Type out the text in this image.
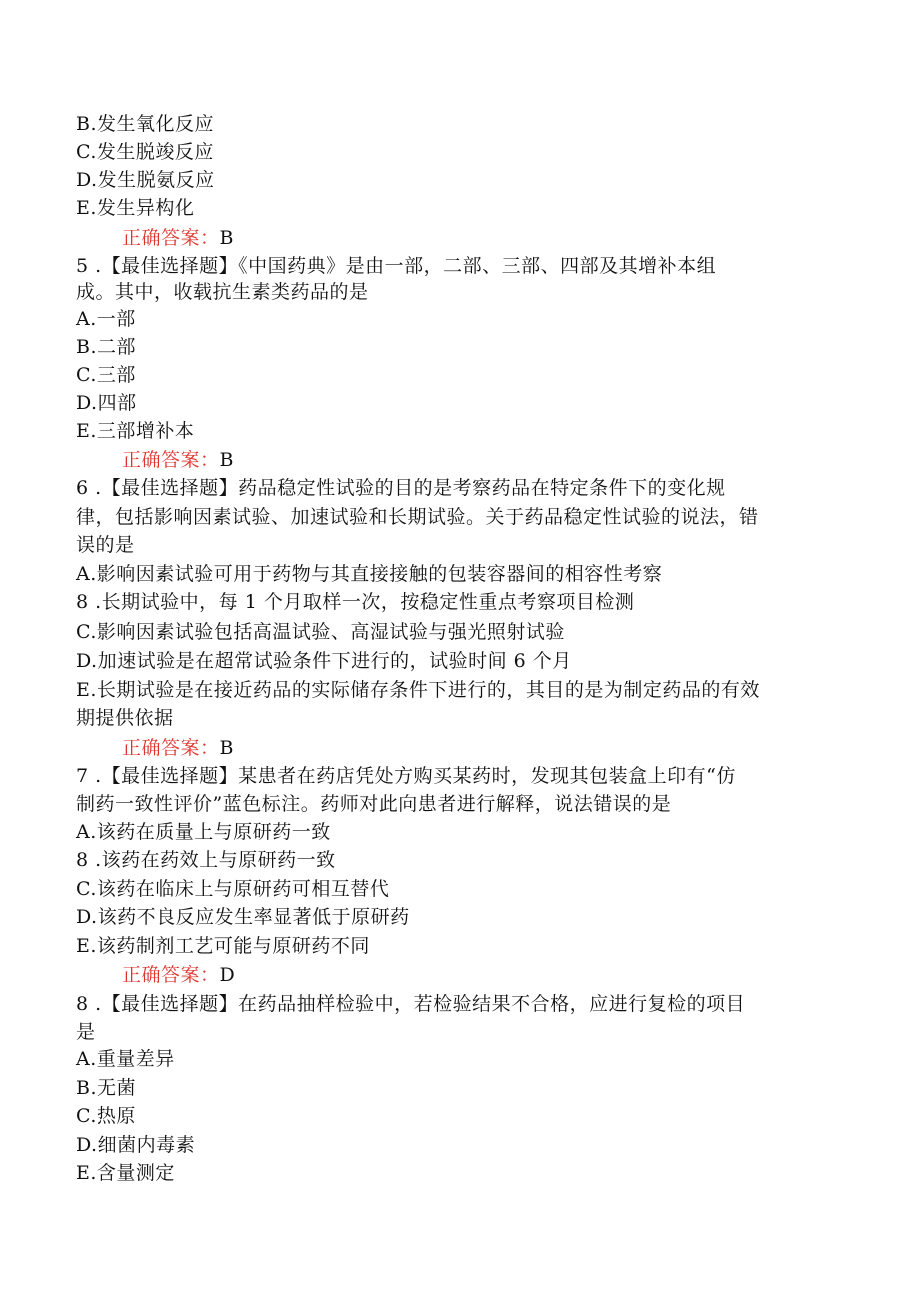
B.发生氧化反应
C.发生脱竣反应
D.发生脱氨反应
E.发生异构化
正确答案：B
5 .【最佳选择题】《中国药典》是由一部，二部、三部、四部及其增补本组
成。其中，收载抗生素类药品的是
A.一部
B.二部
C.三部
D.四部
E.三部增补本
正确答案：B
6 .【最佳选择题】药品稳定性试验的目的是考察药品在特定条件下的变化规
律，包括影响因素试验、加速试验和长期试验。关于药品稳定性试验的说法，错
误的是
A.影响因素试验可用于药物与其直接接触的包装容器间的相容性考察
8 .长期试验中，每 1 个月取样一次，按稳定性重点考察项目检测
C.影响因素试验包括高温试验、高湿试验与强光照射试验
D.加速试验是在超常试验条件下进行的，试验时间 6 个月
E.长期试验是在接近药品的实际储存条件下进行的，其目的是为制定药品的有效
期提供依据
正确答案：B
7 .【最佳选择题】某患者在药店凭处方购买某药时，发现其包装盒上印有“仿
制药一致性评价”蓝色标注。药师对此向患者进行解释，说法错误的是
A.该药在质量上与原研药一致
8 .该药在药效上与原研药一致
C.该药在临床上与原研药可相互替代
D.该药不良反应发生率显著低于原研药
E.该药制剂工艺可能与原研药不同
正确答案：D
8 .【最佳选择题】在药品抽样检验中，若检验结果不合格，应进行复检的项目
是
A.重量差异
B.无菌
C.热原
D.细菌内毒素
E.含量测定
